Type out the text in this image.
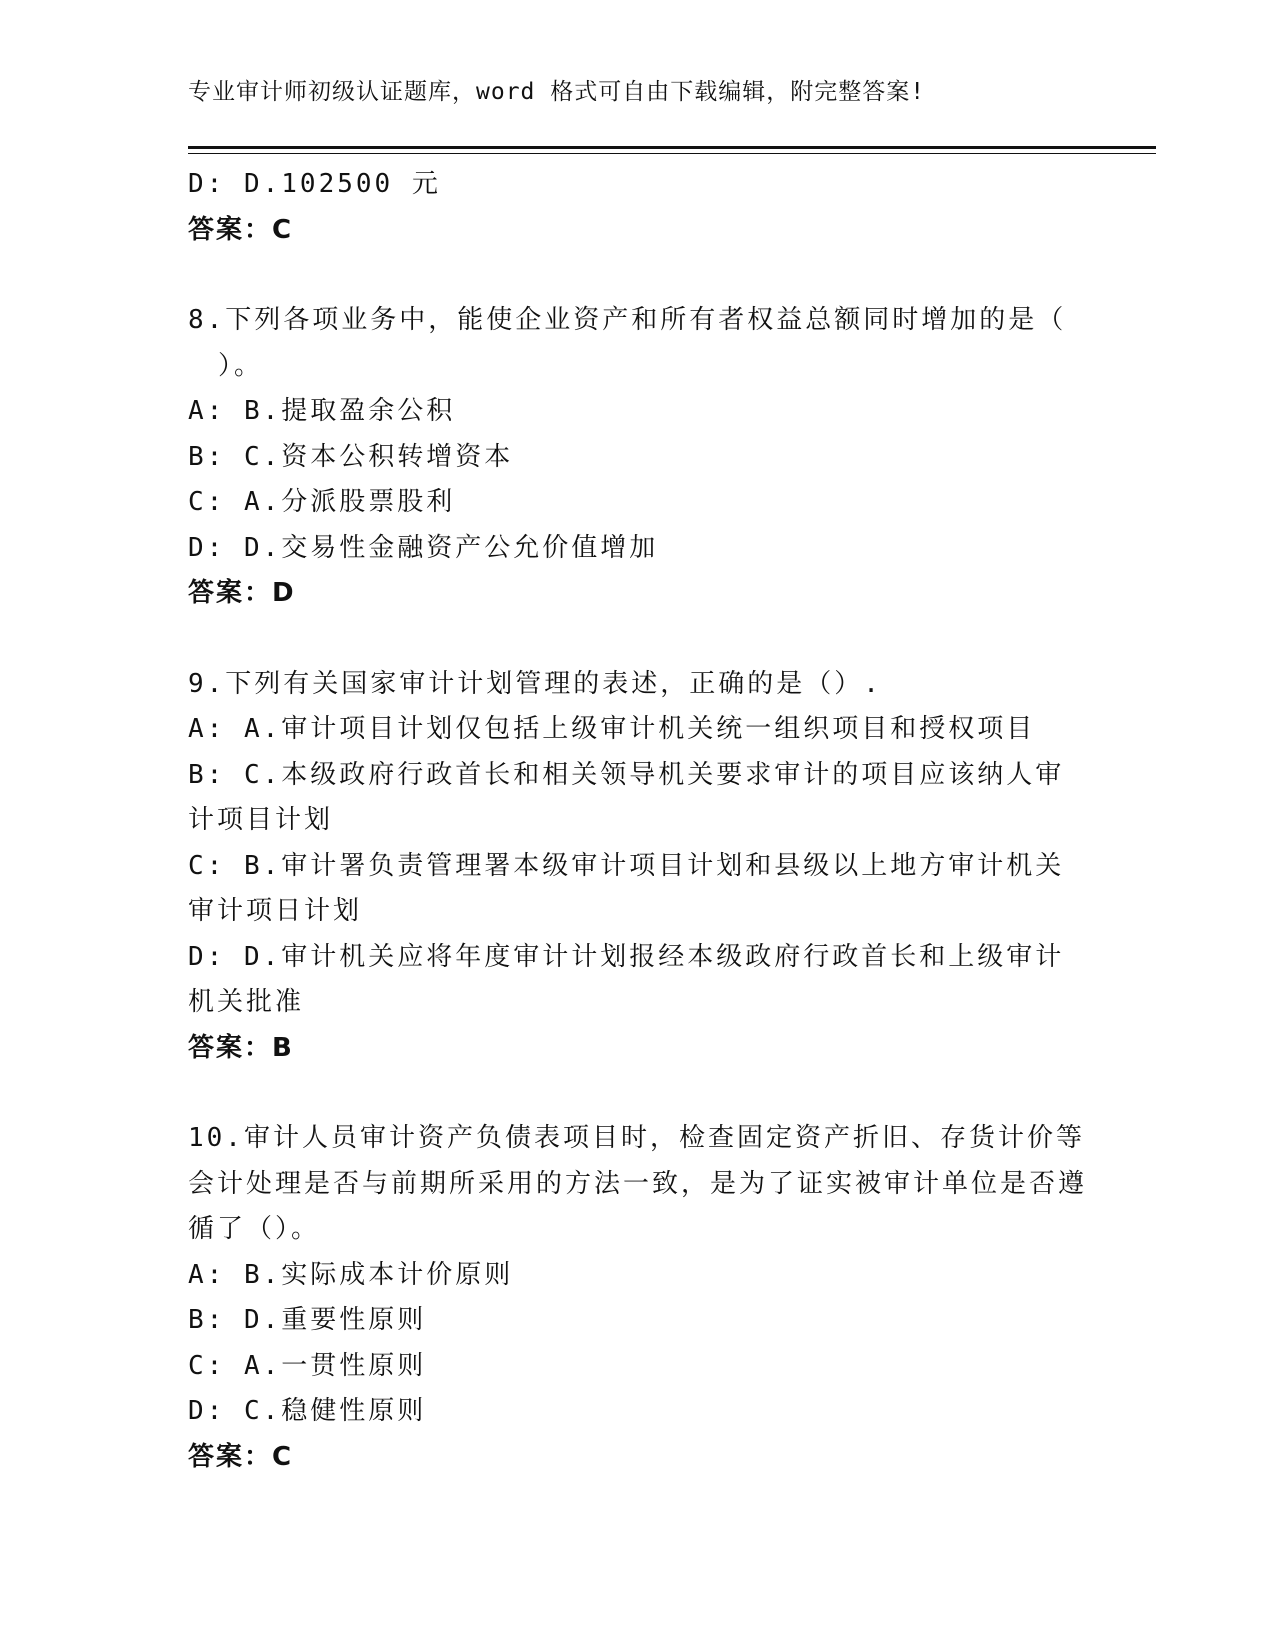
专业审计师初级认证题库，word 格式可自由下载编辑，附完整答案!
D: D.102500 元
答案：C
8.下列各项业务中，能使企业资产和所有者权益总额同时增加的是（
）。
A: B.提取盈余公积
B: C.资本公积转增资本
C: A.分派股票股利
D: D.交易性金融资产公允价值增加
答案：D
9.下列有关国家审计计划管理的表述，正确的是（）.
A: A.审计项目计划仅包括上级审计机关统一组织项目和授权项目
B: C.本级政府行政首长和相关领导机关要求审计的项目应该纳人审计项目计划
C: B.审计署负责管理署本级审计项目计划和县级以上地方审计机关审计项日计划
D: D.审计机关应将年度审计计划报经本级政府行政首长和上级审计机关批准
答案：B
10.审计人员审计资产负债表项目时，检查固定资产折旧、存货计价等会计处理是否与前期所采用的方法一致，是为了证实被审计单位是否遵循了（）。
A: B.实际成本计价原则
B: D.重要性原则
C: A.一贯性原则
D: C.稳健性原则
答案：C
